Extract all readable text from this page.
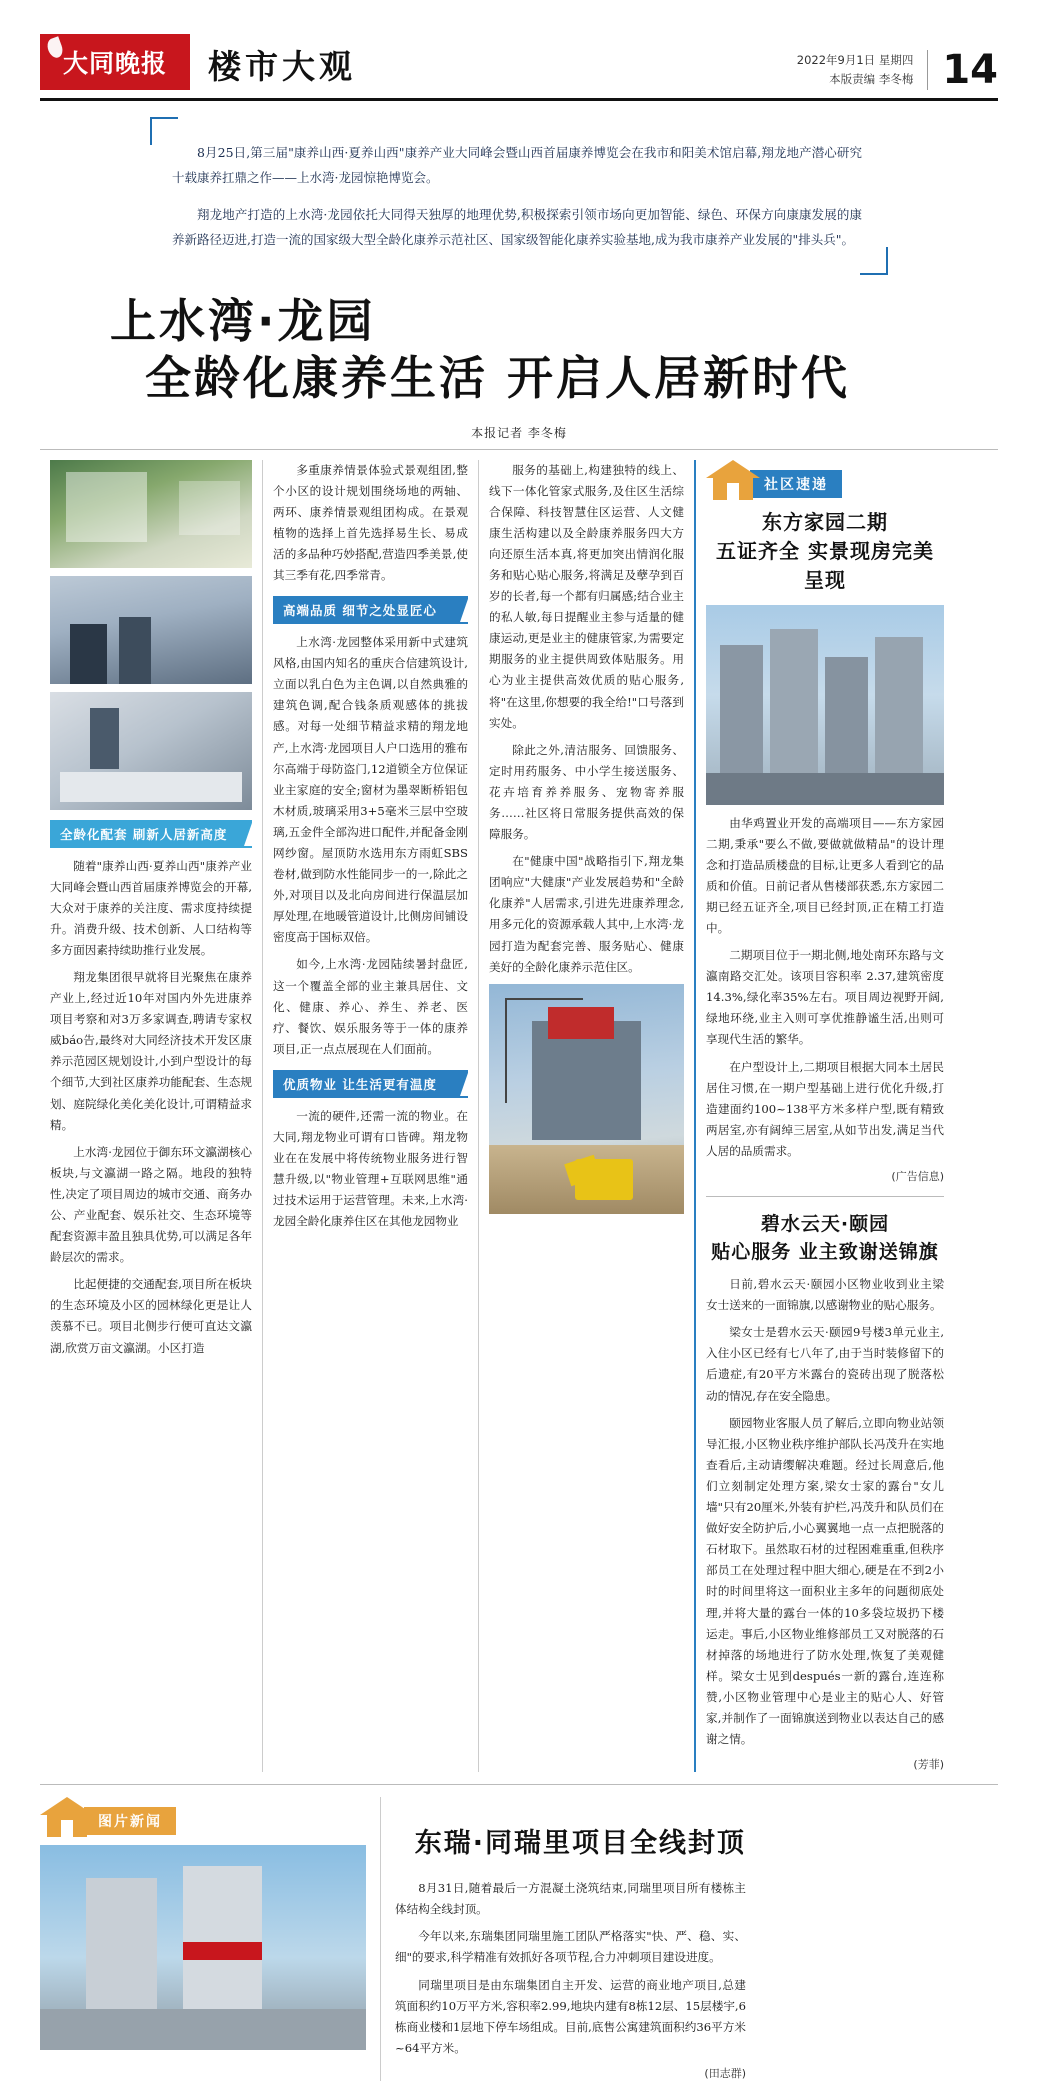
大同晚报 楼市大观	2022年9月1日 星期四
本版责编 李冬梅 14

8月25日,第三届"康养山西·夏养山西"康养产业大同峰会暨山西首届康养博览会在我市和阳美术馆启幕,翔龙地产潜心研究十载康养扛鼎之作——上水湾·龙园惊艳博览会。

翔龙地产打造的上水湾·龙园依托大同得天独厚的地理优势,积极探索引领市场向更加智能、绿色、环保方向康康发展的康养新路径迈进,打造一流的国家级大型全龄化康养示范社区、国家级智能化康养实验基地,成为我市康养产业发展的"排头兵"。

上水湾·龙园
全龄化康养生活 开启人居新时代
本报记者 李冬梅
全龄化配套 刷新人居新高度

随着"康养山西·夏养山西"康养产业大同峰会暨山西首届康养博览会的开幕,大众对于康养的关注度、需求度持续提升。消费升级、技术创新、人口结构等多方面因素持续助推行业发展。

翔龙集团很早就将目光聚焦在康养产业上,经过近10年对国内外先进康养项目考察和对3万多家调查,聘请专家权威báo告,最终对大同经济技术开发区康养示范园区规划设计,小到户型设计的每个细节,大到社区康养功能配套、生态规划、庭院绿化美化美化设计,可谓精益求精。

上水湾·龙园位于御东环文瀛湖核心板块,与文瀛湖一路之隔。地段的独特性,决定了项目周边的城市交通、商务办公、产业配套、娱乐社交、生态环境等配套资源丰盈且独具优势,可以满足各年龄层次的需求。

比起便捷的交通配套,项目所在板块的生态环境及小区的园林绿化更是让人羡慕不已。项目北侧步行便可直达文瀛湖,欣赏万亩文瀛湖。小区打造

多重康养情景体验式景观组团,整个小区的设计规划围绕场地的两轴、两环、康养情景观组团构成。在景观植物的选择上首先选择易生长、易成活的多品种巧妙搭配,营造四季美景,使其三季有花,四季常青。

高端品质 细节之处显匠心

上水湾·龙园整体采用新中式建筑风格,由国内知名的重庆合信建筑设计,立面以乳白色为主色调,以自然典雅的建筑色调,配合钱条质观感体的挑拔感。对每一处细节精益求精的翔龙地产,上水湾·龙园项目人户口选用的雅布尔高端于母防盗门,12道锁全方位保证业主家庭的安全;窗材为墨翠断桥铝包木材质,玻璃采用3+5毫米三层中空玻璃,五金件全部沟进口配件,并配备金刚网纱窗。屋顶防水选用东方雨虹SBS卷材,做到防水性能同步一的一,除此之外,对项目以及北向房间进行保温层加厚处理,在地暖管道设计,比侧房间铺设密度高于国标双倍。

如今,上水湾·龙园陆续暑封盘匠,这一个覆盖全部的业主兼具居住、文化、健康、养心、养生、养老、医疗、餐饮、娱乐服务等于一体的康养项目,正一点点展现在人们面前。

优质物业 让生活更有温度

一流的硬件,还需一流的物业。在大同,翔龙物业可谓有口皆碑。翔龙物业在在发展中将传统物业服务进行智慧升级,以"物业管理+互联网思维"通过技术运用于运营管理。未来,上水湾·龙园全龄化康养住区在其他龙园物业

服务的基础上,构建独特的线上、线下一体化管家式服务,及住区生活综合保障、科技智慧住区运营、人文健康生活构建以及全龄康养服务四大方向还原生活本真,将更加突出情润化服务和贴心贴心服务,将满足及孽孕到百岁的长者,每一个都有归属感;结合业主的私人敏,每日提醒业主参与适量的健康运动,更是业主的健康管家,为需要定期服务的业主提供周致体贴服务。用心为业主提供高效优质的贴心服务,将"在这里,你想要的我全给!"口号落到实处。

除此之外,清洁服务、回馈服务、定时用药服务、中小学生接送服务、花卉培育养养服务、宠物寄养服务……社区将日常服务提供高效的保障服务。

在"健康中国"战略指引下,翔龙集团响应"大健康"产业发展趋势和"全龄化康养"人居需求,引进先进康养理念,用多元化的资源承载人其中,上水湾·龙园打造为配套完善、服务贴心、健康美好的全龄化康养示范住区。

社区速递
东方家园二期
五证齐全 实景现房完美呈现

由华鸡置业开发的高端项目——东方家园二期,秉承"要么不做,要做就做精品"的设计理念和打造品质楼盘的目标,让更多人看到它的品质和价值。日前记者从售楼部获悉,东方家园二期已经五证齐全,项目已经封顶,正在精工打造中。

二期项目位于一期北侧,地处南环东路与文瀛南路交汇处。该项目容积率 2.37,建筑密度14.3%,绿化率35%左右。项目周边视野开阔,绿地环绕,业主入则可享优推静谧生活,出则可享现代生活的繁华。

在户型设计上,二期项目根据大同本土居民居住习惯,在一期户型基础上进行优化升级,打造建面约100~138平方米多样户型,既有精致两居室,亦有阔绰三居室,从如节出发,满足当代人居的品质需求。

(广告信息)
碧水云天·颐园
贴心服务 业主致谢送锦旗

日前,碧水云天·颐园小区物业收到业主梁女士送来的一面锦旗,以感谢物业的贴心服务。

梁女士是碧水云天·颐园9号楼3单元业主,入住小区已经有七八年了,由于当时装修留下的后遗症,有20平方米露台的瓷砖出现了脱落松动的情况,存在安全隐患。

颐园物业客服人员了解后,立即向物业站领导汇报,小区物业秩序维护部队长冯茂升在实地查看后,主动请缨解决难题。经过长周意后,他们立刻制定处理方案,梁女士家的露台"女儿墙"只有20厘米,外装有护栏,冯茂升和队员们在做好安全防护后,小心翼翼地一点一点把脱落的石材取下。虽然取石材的过程困难重重,但秩序部员工在处理过程中胆大细心,硬是在不到2小时的时间里将这一面积业主多年的问题彻底处理,并将大量的露台一体的10多袋垃圾扔下楼运走。事后,小区物业维修部员工又对脱落的石材掉落的场地进行了防水处理,恢复了美观健样。梁女士见到después一新的露台,连连称赞,小区物业管理中心是业主的贴心人、好管家,并制作了一面锦旗送到物业以表达自己的感谢之情。

(芳菲)
图片新闻
东瑞·同瑞里项目全线封顶

8月31日,随着最后一方混凝土浇筑结束,同瑞里项目所有楼栋主体结构全线封顶。

今年以来,东瑞集团同瑞里施工团队严格落实"快、严、稳、实、细"的要求,科学精准有效抓好各项节程,合力冲刺项目建设进度。

同瑞里项目是由东瑞集团自主开发、运营的商业地产项目,总建筑面积约10万平方米,容积率2.99,地块内建有8栋12层、15层楼宇,6栋商业楼和1层地下停车场组成。目前,底售公寓建筑面积约36平方米~64平方米。

(田志群)
